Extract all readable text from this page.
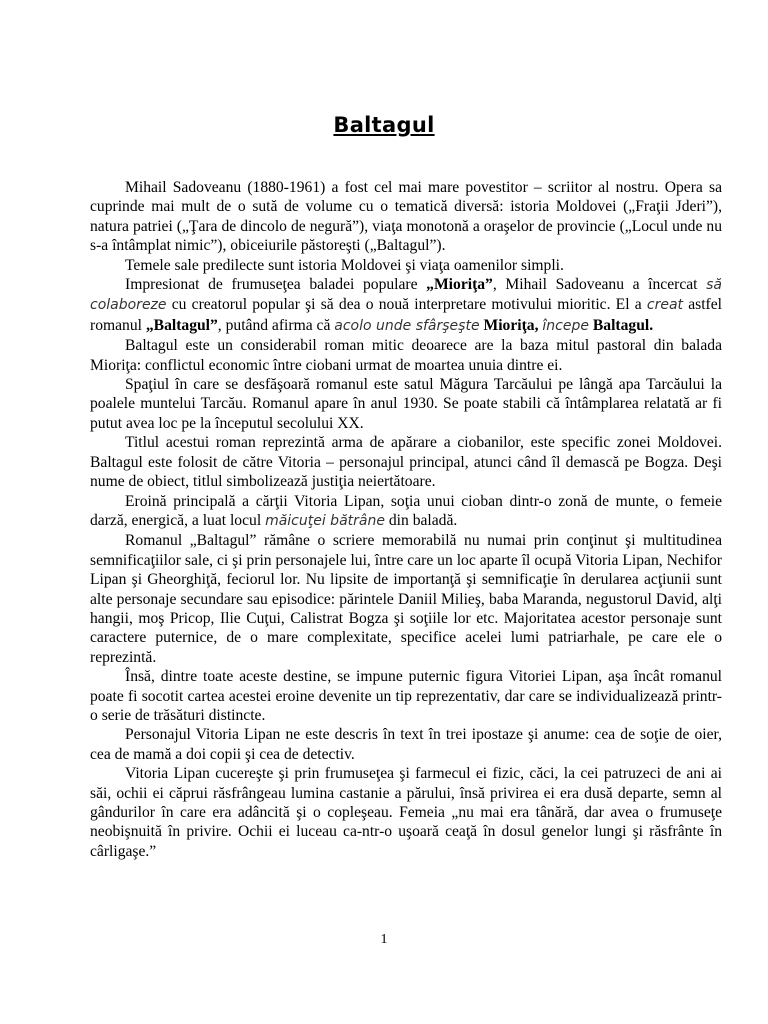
Baltagul

Mihail Sadoveanu (1880-1961) a fost cel mai mare povestitor – scriitor al nostru. Opera sa cuprinde mai mult de o sută de volume cu o tematică diversă: istoria Moldovei („Fraţii Jderi”), natura patriei („Ţara de dincolo de negură”), viaţa monotonă a oraşelor de provincie („Locul unde nu s-a întâmplat nimic”), obiceiurile păstoreşti („Baltagul”).

Temele sale predilecte sunt istoria Moldovei şi viaţa oamenilor simpli.

Impresionat de frumuseţea baladei populare „Mioriţa”, Mihail Sadoveanu a încercat să colaboreze cu creatorul popular şi să dea o nouă interpretare motivului mioritic. El a creat astfel romanul „Baltagul”, putând afirma că acolo unde sfârşeşte Mioriţa, începe Baltagul.

Baltagul este un considerabil roman mitic deoarece are la baza mitul pastoral din balada Mioriţa: conflictul economic între ciobani urmat de moartea unuia dintre ei.

Spaţiul în care se desfăşoară romanul este satul Măgura Tarcăului pe lângă apa Tarcăului la poalele muntelui Tarcău. Romanul apare în anul 1930. Se poate stabili că întâmplarea relatată ar fi putut avea loc pe la începutul secolului XX.

Titlul acestui roman reprezintă arma de apărare a ciobanilor, este specific zonei Moldovei. Baltagul este folosit de către Vitoria – personajul principal, atunci când îl demască pe Bogza. Deşi nume de obiect, titlul simbolizează justiţia neiertătoare.

Eroină principală a cărţii Vitoria Lipan, soţia unui cioban dintr-o zonă de munte, o femeie darză, energică, a luat locul măicuţei bătrâne din baladă.

Romanul „Baltagul” rămâne o scriere memorabilă nu numai prin conţinut şi multitudinea semnificaţiilor sale, ci şi prin personajele lui, între care un loc aparte îl ocupă Vitoria Lipan, Nechifor Lipan şi Gheorghiţă, feciorul lor. Nu lipsite de importanţă şi semnificaţie în derularea acţiunii sunt alte personaje secundare sau episodice: părintele Daniil Milieş, baba Maranda, negustorul David, alţi hangii, moş Pricop, Ilie Cuţui, Calistrat Bogza şi soţiile lor etc. Majoritatea acestor personaje sunt caractere puternice, de o mare complexitate, specifice acelei lumi patriarhale, pe care ele o reprezintă.

Însă, dintre toate aceste destine, se impune puternic figura Vitoriei Lipan, aşa încât romanul poate fi socotit cartea acestei eroine devenite un tip reprezentativ, dar care se individualizează printr-o serie de trăsături distincte.

Personajul Vitoria Lipan ne este descris în text în trei ipostaze şi anume: cea de soţie de oier, cea de mamă a doi copii şi cea de detectiv.

Vitoria Lipan cucereşte şi prin frumuseţea şi farmecul ei fizic, căci, la cei patruzeci de ani ai săi, ochii ei căprui răsfrângeau lumina castanie a părului, însă privirea ei era dusă departe, semn al gândurilor în care era adâncită şi o copleşeau. Femeia „nu mai era tânără, dar avea o frumuseţe neobişnuită în privire. Ochii ei luceau ca-ntr-o uşoară ceaţă în dosul genelor lungi şi răsfrânte în cârligaşe.”

1
